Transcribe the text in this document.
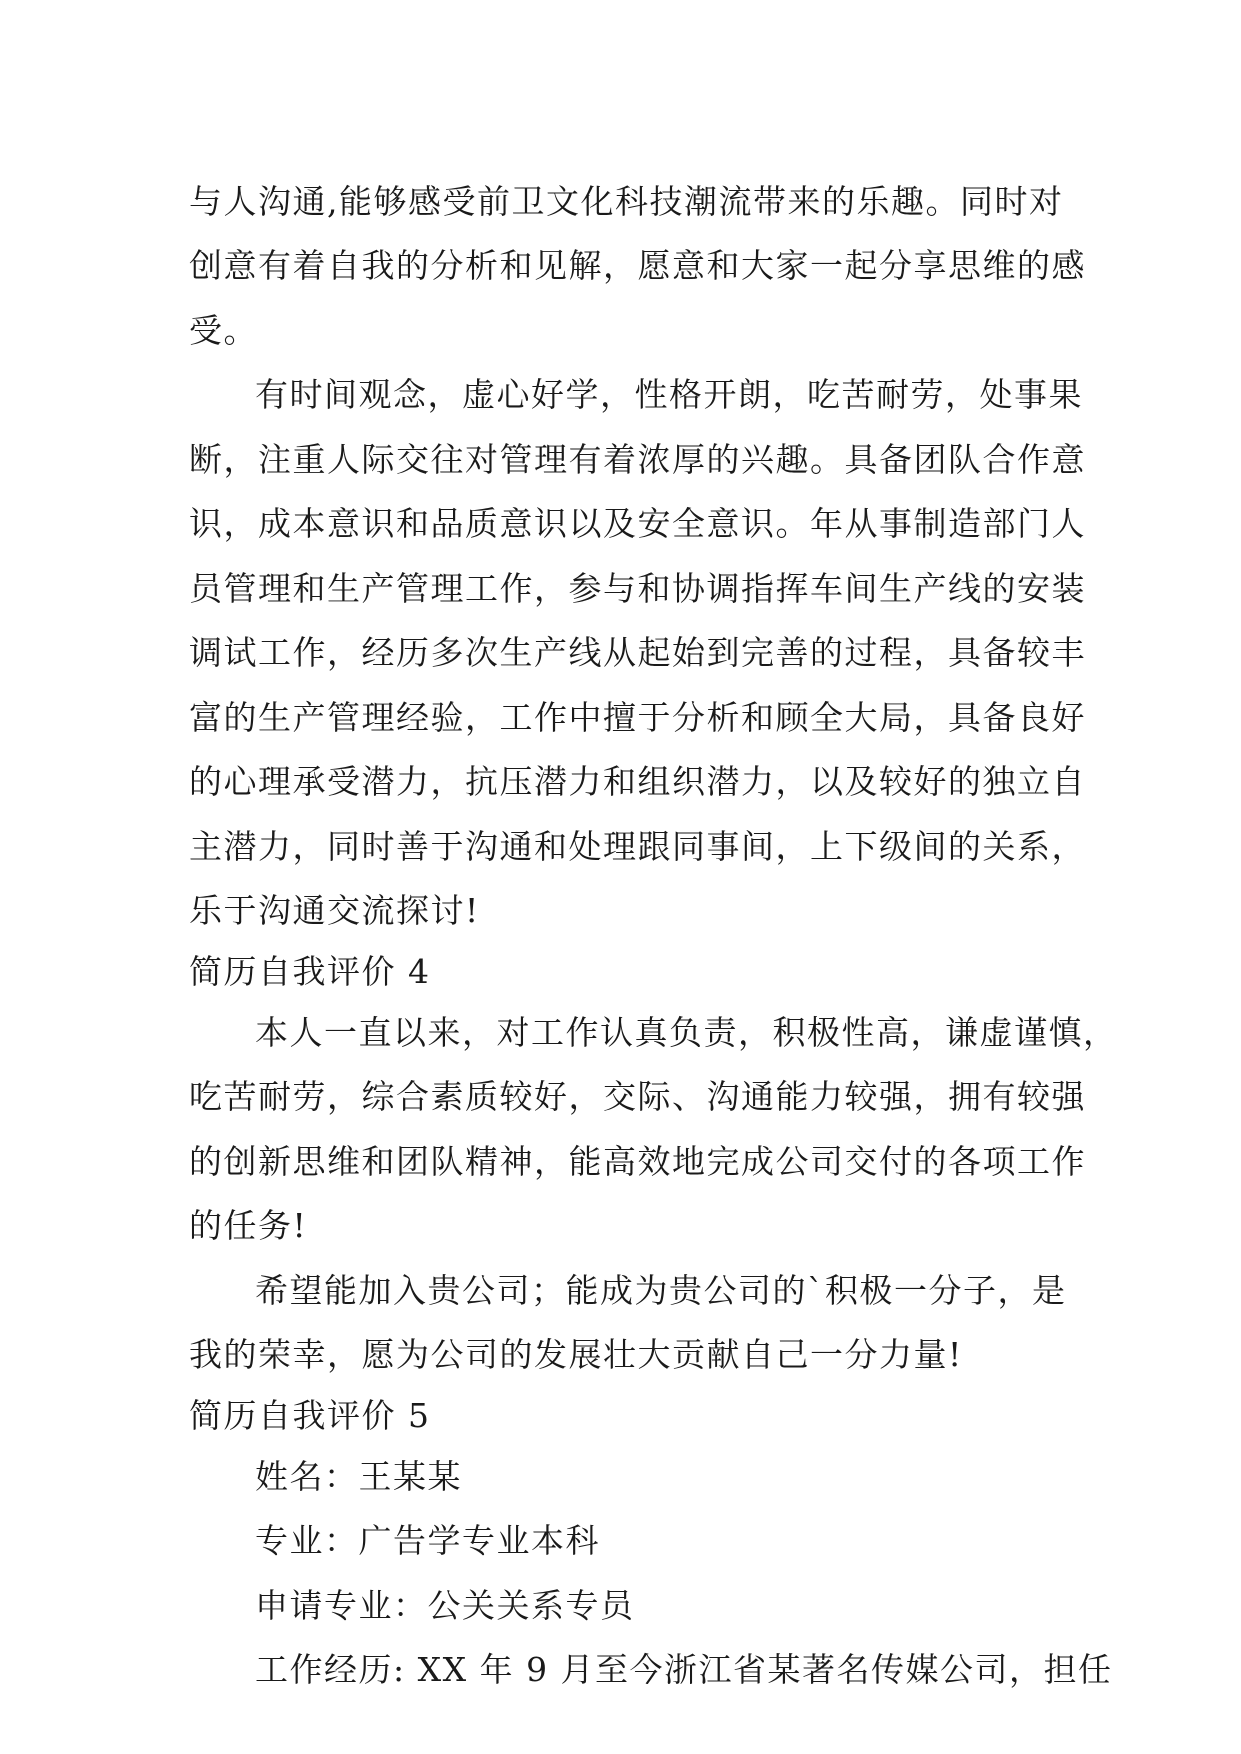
与人沟通,能够感受前卫文化科技潮流带来的乐趣。同时对
创意有着自我的分析和见解，愿意和大家一起分享思维的感
受。
有时间观念，虚心好学，性格开朗，吃苦耐劳，处事果
断，注重人际交往对管理有着浓厚的兴趣。具备团队合作意
识，成本意识和品质意识以及安全意识。年从事制造部门人
员管理和生产管理工作，参与和协调指挥车间生产线的安装
调试工作，经历多次生产线从起始到完善的过程，具备较丰
富的生产管理经验，工作中擅于分析和顾全大局，具备良好
的心理承受潜力，抗压潜力和组织潜力，以及较好的独立自
主潜力，同时善于沟通和处理跟同事间，上下级间的关系，
乐于沟通交流探讨!
简历自我评价 4
本人一直以来，对工作认真负责，积极性高，谦虚谨慎，
吃苦耐劳，综合素质较好，交际、沟通能力较强，拥有较强
的创新思维和团队精神，能高效地完成公司交付的各项工作
的任务!
希望能加入贵公司；能成为贵公司的`积极一分子，是
我的荣幸，愿为公司的发展壮大贡献自己一分力量!
简历自我评价 5
姓名：王某某
专业：广告学专业本科
申请专业：公关关系专员
工作经历: XX 年 9 月至今浙江省某著名传媒公司，担任
